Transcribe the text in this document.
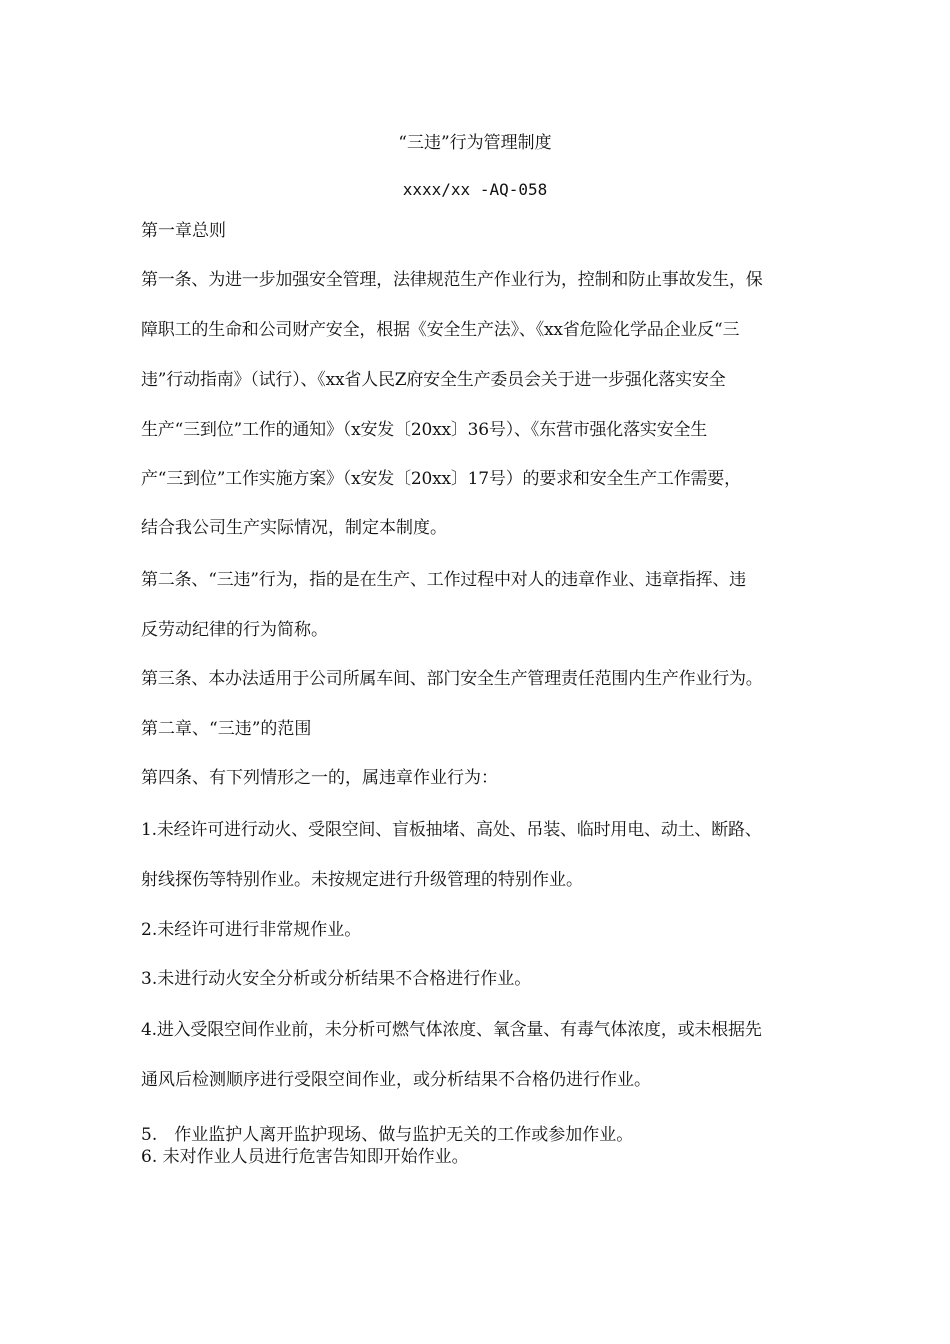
“三违”行为管理制度
xxxx/xx -AQ-058
第一章总则
第一条、为进一步加强安全管理，法律规范生产作业行为，控制和防止事故发生，保
障职工的生命和公司财产安全，根据《安全生产法》、《xx省危险化学品企业反“三
违”行动指南》（试行）、《xx省人民Z府安全生产委员会关于进一步强化落实安全
生产“三到位”工作的通知》（x安发〔20xx〕36号）、《东营市强化落实安全生
产“三到位”工作实施方案》（x安发〔20xx〕17号）的要求和安全生产工作需要，
结合我公司生产实际情况，制定本制度。
第二条、“三违”行为，指的是在生产、工作过程中对人的违章作业、违章指挥、违
反劳动纪律的行为简称。
第三条、本办法适用于公司所属车间、部门安全生产管理责任范围内生产作业行为。
第二章、“三违”的范围
第四条、有下列情形之一的，属违章作业行为：
1.未经许可进行动火、受限空间、盲板抽堵、高处、吊装、临时用电、动土、断路、
射线探伤等特别作业。未按规定进行升级管理的特别作业。
2.未经许可进行非常规作业。
3.未进行动火安全分析或分析结果不合格进行作业。
4.进入受限空间作业前，未分析可燃气体浓度、氧含量、有毒气体浓度，或未根据先
通风后检测顺序进行受限空间作业，或分析结果不合格仍进行作业。
5.　作业监护人离开监护现场、做与监护无关的工作或参加作业。
6. 未对作业人员进行危害告知即开始作业。
